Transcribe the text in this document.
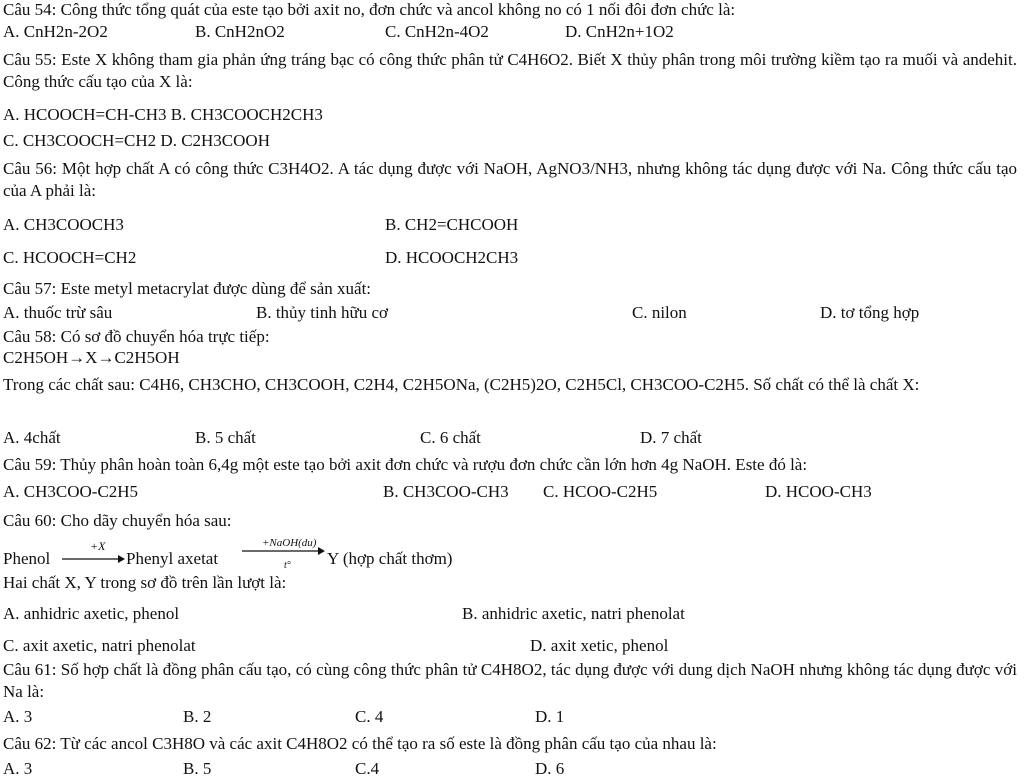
Câu 54: Công thức tổng quát của este tạo bởi axit no, đơn chức và ancol không no có 1 nối đôi đơn chức là:
A. CnH2n-2O2	B. CnH2nO2	C. CnH2n-4O2	D. CnH2n+1O2
Câu 55: Este X không tham gia phản ứng tráng bạc có công thức phân tử C4H6O2. Biết X thủy phân trong môi trường kiềm tạo ra muối và andehit. Công thức cấu tạo của X là:
A. HCOOCH=CH-CH3 B. CH3COOCH2CH3
C. CH3COOCH=CH2 D. C2H3COOH
Câu 56: Một hợp chất A có công thức C3H4O2. A tác dụng được với NaOH, AgNO3/NH3, nhưng không tác dụng được với Na. Công thức cấu tạo của A phải là:
A. CH3COOCH3	B. CH2=CHCOOH
C. HCOOCH=CH2	D. HCOOCH2CH3
Câu 57: Este metyl metacrylat được dùng để sản xuất:
A. thuốc trừ sâu	B. thủy tinh hữu cơ	C. nilon	D. tơ tổng hợp
Câu 58: Có sơ đồ chuyển hóa trực tiếp:
C2H5OH→X→C2H5OH
Trong các chất sau: C4H6, CH3CHO, CH3COOH, C2H4, C2H5ONa, (C2H5)2O, C2H5Cl, CH3COO-C2H5. Số chất có thể là chất X:
A. 4chất	B. 5 chất	C. 6 chất	D. 7 chất
Câu 59: Thủy phân hoàn toàn 6,4g một este tạo bởi axit đơn chức và rượu đơn chức cần lớn hơn 4g NaOH. Este đó là:
A. CH3COO-C2H5	B. CH3COO-CH3 C. HCOO-C2H5	D. HCOO-CH3
Câu 60: Cho dãy chuyển hóa sau:
Phenol
+X
Phenyl axetat
+NaOH(du)
t° Y (hợp chất thơm)
Hai chất X, Y trong sơ đồ trên lần lượt là:
A. anhidric axetic, phenol	B. anhidric axetic, natri phenolat
C. axit axetic, natri phenolat	D. axit xetic, phenol
Câu 61: Số hợp chất là đồng phân cấu tạo, có cùng công thức phân tử C4H8O2, tác dụng được với dung dịch NaOH nhưng không tác dụng được với Na là:
A. 3	B. 2	C. 4	D. 1
Câu 62: Từ các ancol C3H8O và các axit C4H8O2 có thể tạo ra số este là đồng phân cấu tạo của nhau là:
A. 3	B. 5	C.4	D. 6
